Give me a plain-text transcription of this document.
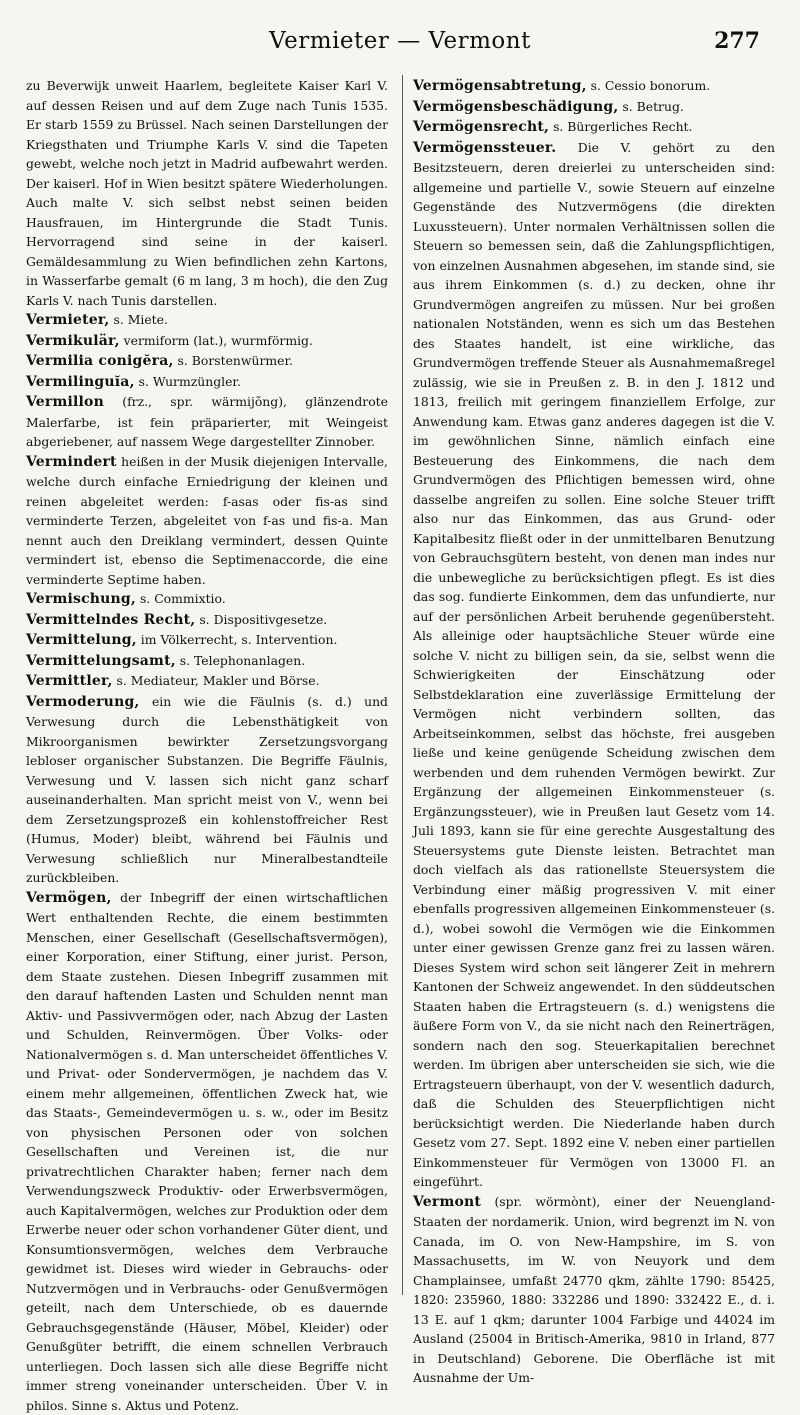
Vermieter — Vermont	277

zu Beverwijk unweit Haarlem, begleitete Kaiser Karl V. auf dessen Reisen und auf dem Zuge nach Tunis 1535. Er starb 1559 zu Brüssel. Nach seinen Darstellungen der Kriegsthaten und Triumphe Karls V. sind die Tapeten gewebt, welche noch jetzt in Madrid aufbewahrt werden. Der kaiserl. Hof in Wien besitzt spätere Wiederholungen. Auch malte V. sich selbst nebst seinen beiden Hausfrauen, im Hintergrunde die Stadt Tunis. Hervorragend sind seine in der kaiserl. Gemäldesammlung zu Wien befindlichen zehn Kartons, in Wasserfarbe gemalt (6 m lang, 3 m hoch), die den Zug Karls V. nach Tunis darstellen.

Vermieter, s. Miete.

Vermikulär, vermiform (lat.), wurmförmig.

Vermilia conigĕra, s. Borstenwürmer.

Vermilinguĭa, s. Wurmzüngler.

Vermillon (frz., spr. wärmijõng), glänzendrote Malerfarbe, ist fein präparierter, mit Weingeist abgeriebener, auf nassem Wege dargestellter Zinnober.

Vermindert heißen in der Musik diejenigen Intervalle, welche durch einfache Erniedrigung der kleinen und reinen abgeleitet werden: f-asas oder fis-as sind verminderte Terzen, abgeleitet von f-as und fis-a. Man nennt auch den Dreiklang vermindert, dessen Quinte vermindert ist, ebenso die Septimenaccorde, die eine verminderte Septime haben.

Vermischung, s. Commixtio.

Vermittelndes Recht, s. Dispositivgesetze.

Vermittelung, im Völkerrecht, s. Intervention.

Vermittelungsamt, s. Telephonanlagen.

Vermittler, s. Mediateur, Makler und Börse.

Vermoderung, ein wie die Fäulnis (s. d.) und Verwesung durch die Lebensthätigkeit von Mikroorganismen bewirkter Zersetzungsvorgang lebloser organischer Substanzen. Die Begriffe Fäulnis, Verwesung und V. lassen sich nicht ganz scharf auseinanderhalten. Man spricht meist von V., wenn bei dem Zersetzungsprozeß ein kohlenstoffreicher Rest (Humus, Moder) bleibt, während bei Fäulnis und Verwesung schließlich nur Mineralbestandteile zurückbleiben.

Vermögen, der Inbegriff der einen wirtschaftlichen Wert enthaltenden Rechte, die einem bestimmten Menschen, einer Gesellschaft (Gesellschaftsvermögen), einer Korporation, einer Stiftung, einer jurist. Person, dem Staate zustehen. Diesen Inbegriff zusammen mit den darauf haftenden Lasten und Schulden nennt man Aktiv- und Passivvermögen oder, nach Abzug der Lasten und Schulden, Reinvermögen. Über Volks- oder Nationalvermögen s. d. Man unterscheidet öffentliches V. und Privat- oder Sondervermögen, je nachdem das V. einem mehr allgemeinen, öffentlichen Zweck hat, wie das Staats-, Gemeindevermögen u. s. w., oder im Besitz von physischen Personen oder von solchen Gesellschaften und Vereinen ist, die nur privatrechtlichen Charakter haben; ferner nach dem Verwendungszweck Produktiv- oder Erwerbsvermögen, auch Kapitalvermögen, welches zur Produktion oder dem Erwerbe neuer oder schon vorhandener Güter dient, und Konsumtionsvermögen, welches dem Verbrauche gewidmet ist. Dieses wird wieder in Gebrauchs- oder Nutzvermögen und in Verbrauchs- oder Genußvermögen geteilt, nach dem Unterschiede, ob es dauernde Gebrauchsgegenstände (Häuser, Möbel, Kleider) oder Genußgüter betrifft, die einem schnellen Verbrauch unterliegen. Doch lassen sich alle diese Begriffe nicht immer streng voneinander unterscheiden. Über V. in philos. Sinne s. Aktus und Potenz.

Vermögensabtretung, s. Cessio bonorum.

Vermögensbeschädigung, s. Betrug.

Vermögensrecht, s. Bürgerliches Recht.

Vermögenssteuer. Die V. gehört zu den Besitzsteuern, deren dreierlei zu unterscheiden sind: allgemeine und partielle V., sowie Steuern auf einzelne Gegenstände des Nutzvermögens (die direkten Luxussteuern). Unter normalen Verhältnissen sollen die Steuern so bemessen sein, daß die Zahlungspflichtigen, von einzelnen Ausnahmen abgesehen, im stande sind, sie aus ihrem Einkommen (s. d.) zu decken, ohne ihr Grundvermögen angreifen zu müssen. Nur bei großen nationalen Notständen, wenn es sich um das Bestehen des Staates handelt, ist eine wirkliche, das Grundvermögen treffende Steuer als Ausnahmemaßregel zulässig, wie sie in Preußen z. B. in den J. 1812 und 1813, freilich mit geringem finanziellem Erfolge, zur Anwendung kam. Etwas ganz anderes dagegen ist die V. im gewöhnlichen Sinne, nämlich einfach eine Besteuerung des Einkommens, die nach dem Grundvermögen des Pflichtigen bemessen wird, ohne dasselbe angreifen zu sollen. Eine solche Steuer trifft also nur das Einkommen, das aus Grund- oder Kapitalbesitz fließt oder in der unmittelbaren Benutzung von Gebrauchsgütern besteht, von denen man indes nur die unbewegliche zu berücksichtigen pflegt. Es ist dies das sog. fundierte Einkommen, dem das unfundierte, nur auf der persönlichen Arbeit beruhende gegenübersteht. Als alleinige oder hauptsächliche Steuer würde eine solche V. nicht zu billigen sein, da sie, selbst wenn die Schwierigkeiten der Einschätzung oder Selbstdeklaration eine zuverlässige Ermittelung der Vermögen nicht verbindern sollten, das Arbeitseinkommen, selbst das höchste, frei ausgeben ließe und keine genügende Scheidung zwischen dem werbenden und dem ruhenden Vermögen bewirkt. Zur Ergänzung der allgemeinen Einkommensteuer (s. Ergänzungssteuer), wie in Preußen laut Gesetz vom 14. Juli 1893, kann sie für eine gerechte Ausgestaltung des Steuersystems gute Dienste leisten. Betrachtet man doch vielfach als das rationellste Steuersystem die Verbindung einer mäßig progressiven V. mit einer ebenfalls progressiven allgemeinen Einkommensteuer (s. d.), wobei sowohl die Vermögen wie die Einkommen unter einer gewissen Grenze ganz frei zu lassen wären. Dieses System wird schon seit längerer Zeit in mehrern Kantonen der Schweiz angewendet. In den süddeutschen Staaten haben die Ertragsteuern (s. d.) wenigstens die äußere Form von V., da sie nicht nach den Reinerträgen, sondern nach den sog. Steuerkapitalien berechnet werden. Im übrigen aber unterscheiden sie sich, wie die Ertragsteuern überhaupt, von der V. wesentlich dadurch, daß die Schulden des Steuerpflichtigen nicht berücksichtigt werden. Die Niederlande haben durch Gesetz vom 27. Sept. 1892 eine V. neben einer partiellen Einkommensteuer für Vermögen von 13000 Fl. an eingeführt.

Vermont (spr. wörmònt), einer der Neuengland-Staaten der nordamerik. Union, wird begrenzt im N. von Canada, im O. von New-Hampshire, im S. von Massachusetts, im W. von Neuyork und dem Champlainsee, umfaßt 24770 qkm, zählte 1790: 85425, 1820: 235960, 1880: 332286 und 1890: 332422 E., d. i. 13 E. auf 1 qkm; darunter 1004 Farbige und 44024 im Ausland (25004 in Britisch-Amerika, 9810 in Irland, 877 in Deutschland) Geborene. Die Oberfläche ist mit Ausnahme der Um-
